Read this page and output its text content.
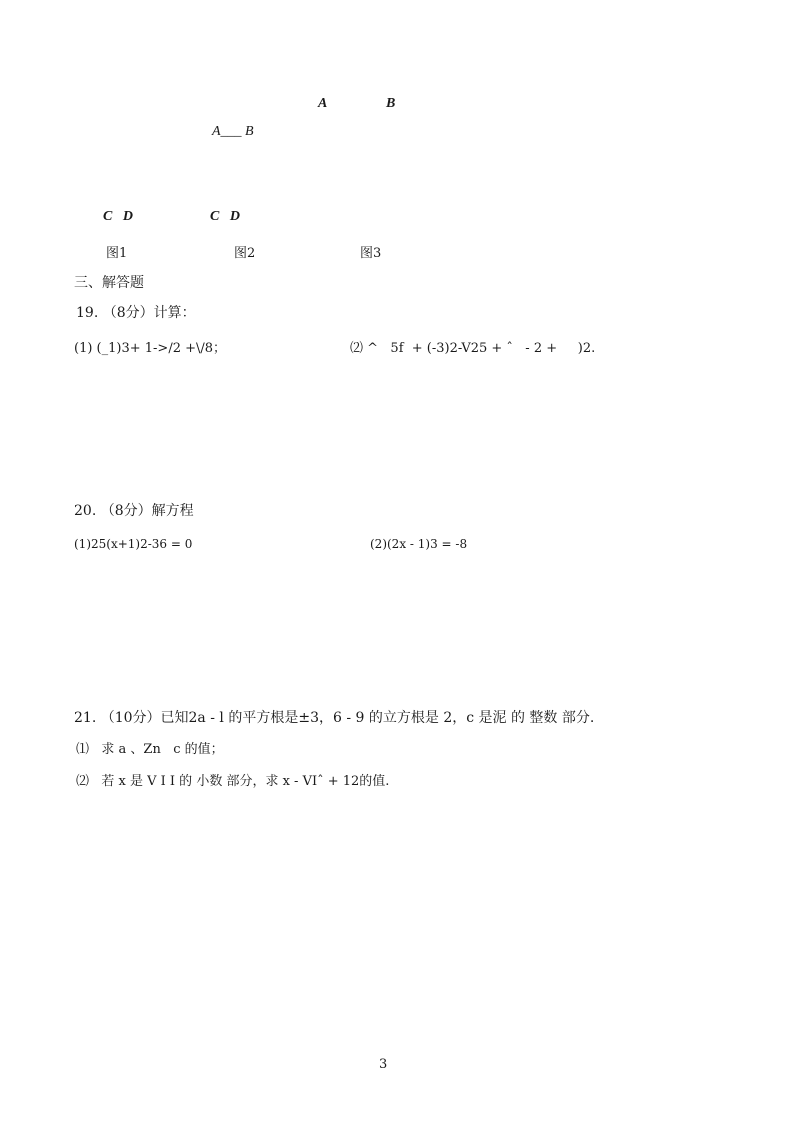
A	B
A___ B
C   D	C   D
图1	图2	图3
三、解答题
19. （8分）计算：
(1) (_1)3+ 1->/2 +\/8；	⑵ ^   5f  + (-3)2-V25 + ˆ   - 2 +     )2.
20. （8分）解方程
(1)25(x+1)2-36 = 0	(2)(2x - 1)3 = -8
21. （10分）已知2a - l 的平方根是±3，6 - 9 的立方根是 2，c 是泥 的 整数 部分.
⑴   求 a 、Zn   c 的值；
⑵   若 x 是 V I I 的 小数 部分，求 x - VIˆ + 12的值.
3
